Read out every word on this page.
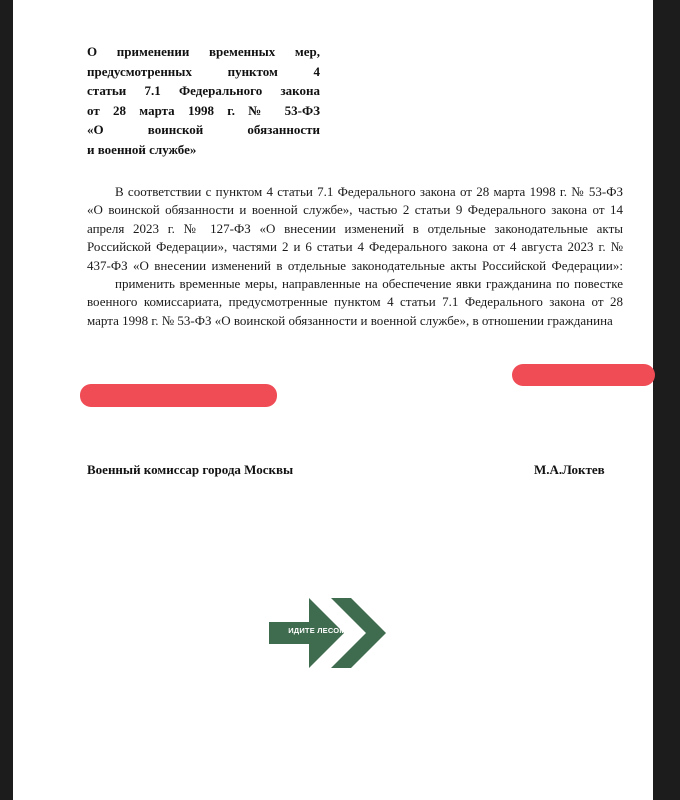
О применении временных мер,
предусмотренных пунктом 4
статьи 7.1 Федерального закона
от 28 марта 1998 г. № 53-ФЗ
«О воинской обязанности

и военной службе»

В соответствии с пунктом 4 статьи 7.1 Федерального закона от 28 марта 1998 г. № 53-ФЗ «О воинской обязанности и военной службе», частью 2 статьи 9 Федерального закона от 14 апреля 2023 г. № 127-ФЗ «О внесении изменений в отдельные законодательные акты Российской Федерации», частями 2 и 6 статьи 4 Федерального закона от 4 августа 2023 г. № 437-ФЗ «О внесении изменений в отдельные законодательные акты Российской Федерации»:

применить временные меры, направленные на обеспечение явки гражданина по повестке военного комиссариата, предусмотренные пунктом 4 статьи 7.1 Федерального закона от 28 марта 1998 г. № 53-ФЗ «О воинской обязанности и военной службе», в отношении гражданина

Военный комиссар города Москвы	М.А.Локтев
ИДИТЕ ЛЕСОМ
